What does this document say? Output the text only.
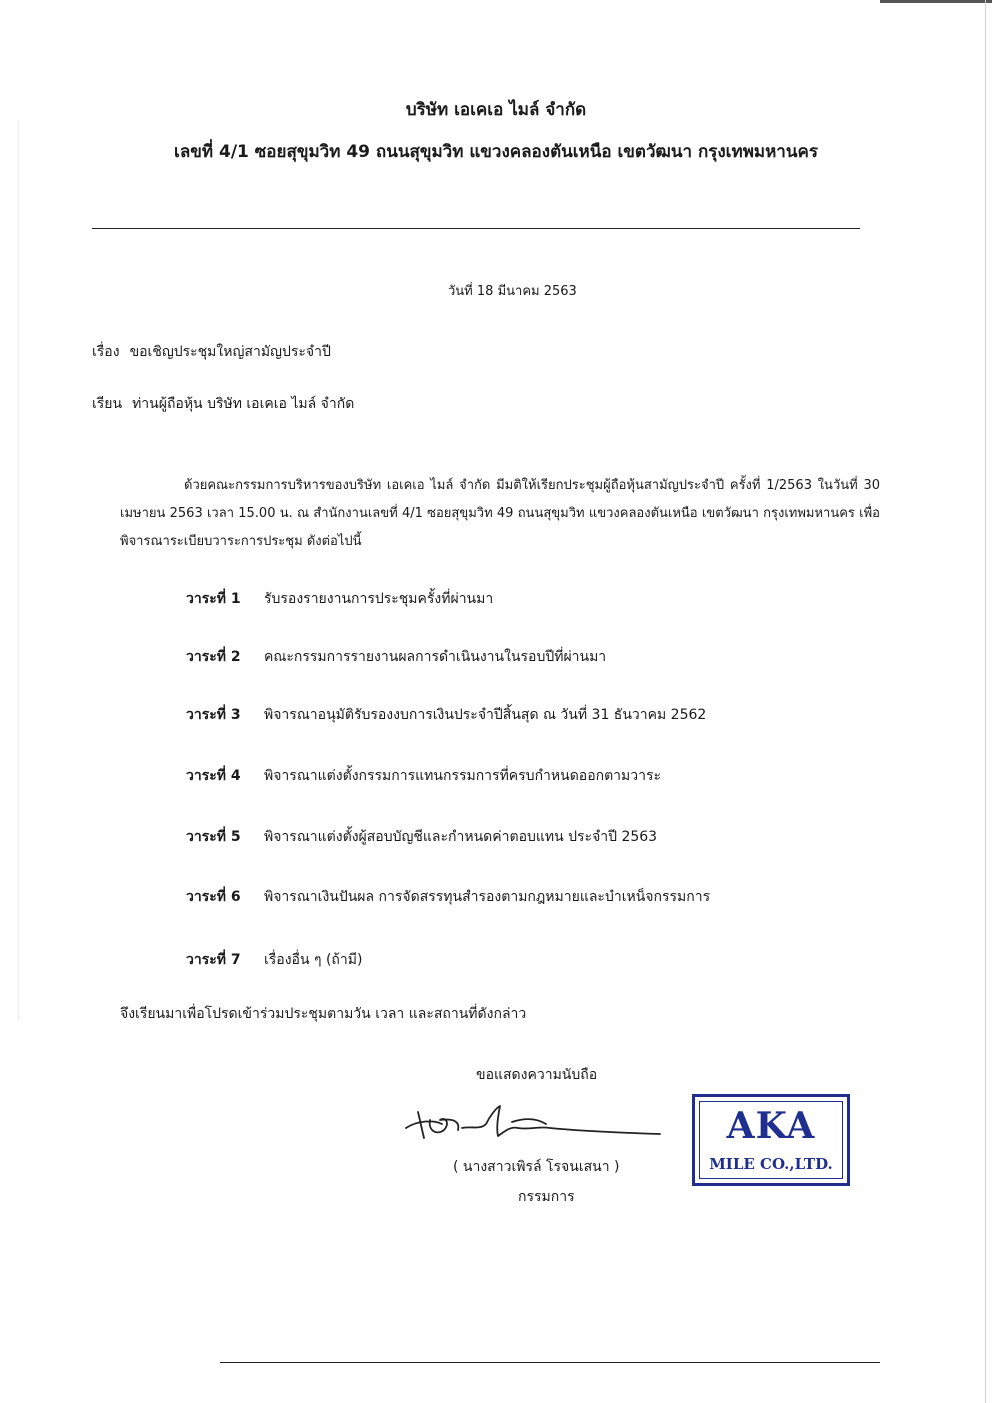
บริษัท เอเคเอ ไมล์ จำกัด
เลขที่ 4/1 ซอยสุขุมวิท 49 ถนนสุขุมวิท แขวงคลองตันเหนือ เขตวัฒนา กรุงเทพมหานคร
วันที่ 18 มีนาคม 2563
เรื่อง ขอเชิญประชุมใหญ่สามัญประจำปี
เรียน ท่านผู้ถือหุ้น บริษัท เอเคเอ ไมล์ จำกัด
ด้วยคณะกรรมการบริหารของบริษัท เอเคเอ ไมล์ จำกัด มีมติให้เรียกประชุมผู้ถือหุ้นสามัญประจำปี ครั้งที่ 1/2563 ในวันที่ 30 เมษายน 2563 เวลา 15.00 น. ณ สำนักงานเลขที่ 4/1 ซอยสุขุมวิท 49 ถนนสุขุมวิท แขวงคลองตันเหนือ เขตวัฒนา กรุงเทพมหานคร เพื่อพิจารณาระเบียบวาระการประชุม ดังต่อไปนี้
วาระที่ 1 รับรองรายงานการประชุมครั้งที่ผ่านมา
วาระที่ 2 คณะกรรมการรายงานผลการดำเนินงานในรอบปีที่ผ่านมา
วาระที่ 3 พิจารณาอนุมัติรับรองงบการเงินประจำปีสิ้นสุด ณ วันที่ 31 ธันวาคม 2562
วาระที่ 4 พิจารณาแต่งตั้งกรรมการแทนกรรมการที่ครบกำหนดออกตามวาระ
วาระที่ 5 พิจารณาแต่งตั้งผู้สอบบัญชีและกำหนดค่าตอบแทน ประจำปี 2563
วาระที่ 6 พิจารณาเงินปันผล การจัดสรรทุนสำรองตามกฎหมายและบำเหน็จกรรมการ
วาระที่ 7 เรื่องอื่น ๆ (ถ้ามี)
จึงเรียนมาเพื่อโปรดเข้าร่วมประชุมตามวัน เวลา และสถานที่ดังกล่าว
ขอแสดงความนับถือ
( นางสาวเพิรล์ โรจนเสนา )
กรรมการ
AKA
MILE CO.,LTD.
